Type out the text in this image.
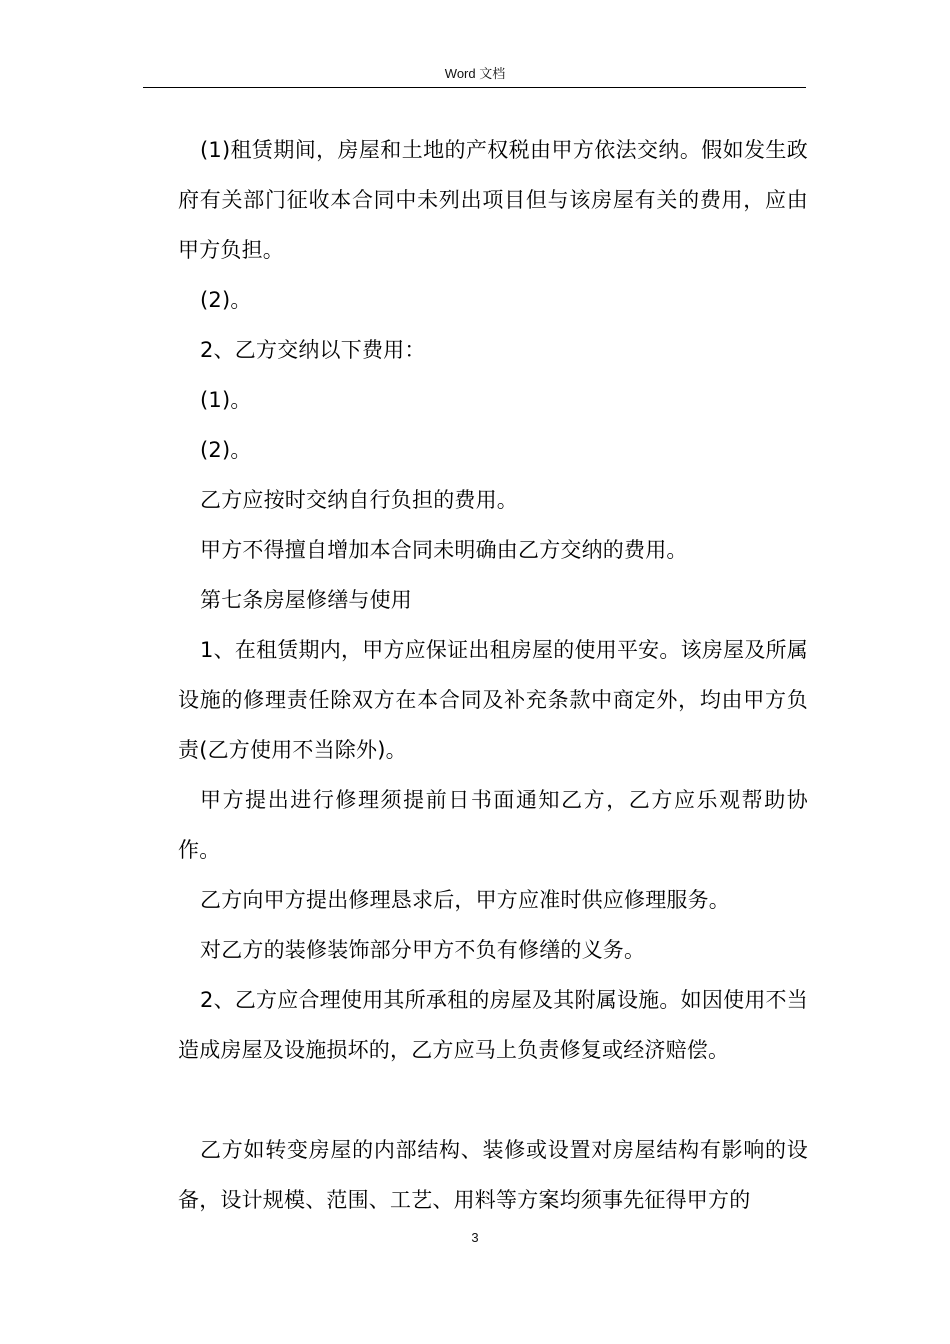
Word 文档

(1)租赁期间，房屋和土地的产权税由甲方依法交纳。假如发生政府有关部门征收本合同中未列出项目但与该房屋有关的费用，应由甲方负担。

(2)。

2、乙方交纳以下费用：

(1)。

(2)。

乙方应按时交纳自行负担的费用。

甲方不得擅自增加本合同未明确由乙方交纳的费用。

第七条房屋修缮与使用

1、在租赁期内，甲方应保证出租房屋的使用平安。该房屋及所属设施的修理责任除双方在本合同及补充条款中商定外，均由甲方负责(乙方使用不当除外)。

甲方提出进行修理须提前日书面通知乙方，乙方应乐观帮助协作。

乙方向甲方提出修理恳求后，甲方应准时供应修理服务。

对乙方的装修装饰部分甲方不负有修缮的义务。

2、乙方应合理使用其所承租的房屋及其附属设施。如因使用不当造成房屋及设施损坏的，乙方应马上负责修复或经济赔偿。

乙方如转变房屋的内部结构、装修或设置对房屋结构有影响的设备，设计规模、范围、工艺、用料等方案均须事先征得甲方的

3
